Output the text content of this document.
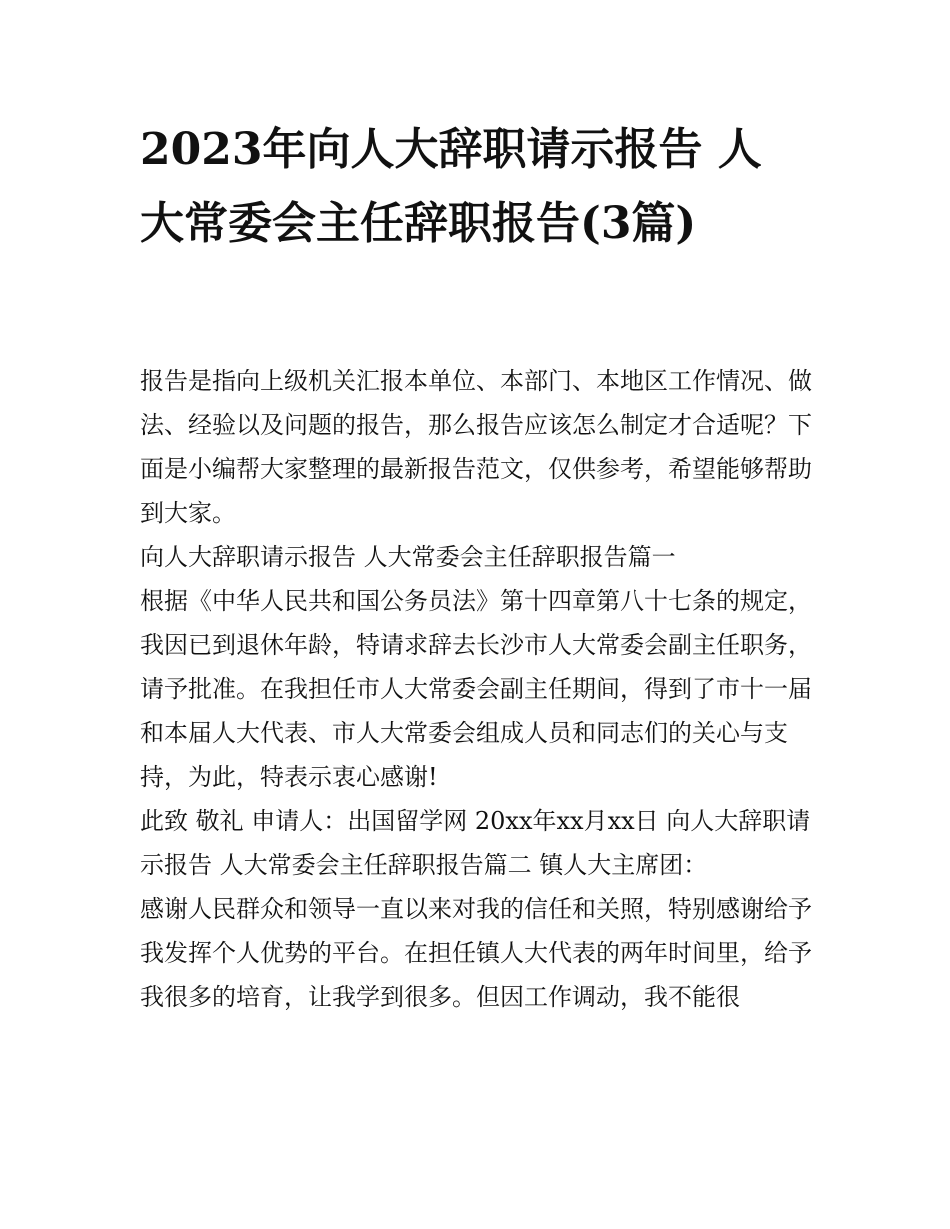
2023年向人大辞职请示报告 人大常委会主任辞职报告(3篇)

报告是指向上级机关汇报本单位、本部门、本地区工作情况、做法、经验以及问题的报告，那么报告应该怎么制定才合适呢？下面是小编帮大家整理的最新报告范文，仅供参考，希望能够帮助到大家。

向人大辞职请示报告 人大常委会主任辞职报告篇一

根据《中华人民共和国公务员法》第十四章第八十七条的规定，我因已到退休年龄，特请求辞去长沙市人大常委会副主任职务，请予批准。在我担任市人大常委会副主任期间，得到了市十一届和本届人大代表、市人大常委会组成人员和同志们的关心与支持，为此，特表示衷心感谢!

此致 敬礼 申请人：出国留学网 20xx年xx月xx日 向人大辞职请示报告 人大常委会主任辞职报告篇二 镇人大主席团：

感谢人民群众和领导一直以来对我的信任和关照，特别感谢给予我发挥个人优势的平台。在担任镇人大代表的两年时间里，给予我很多的培育，让我学到很多。但因工作调动，我不能很
